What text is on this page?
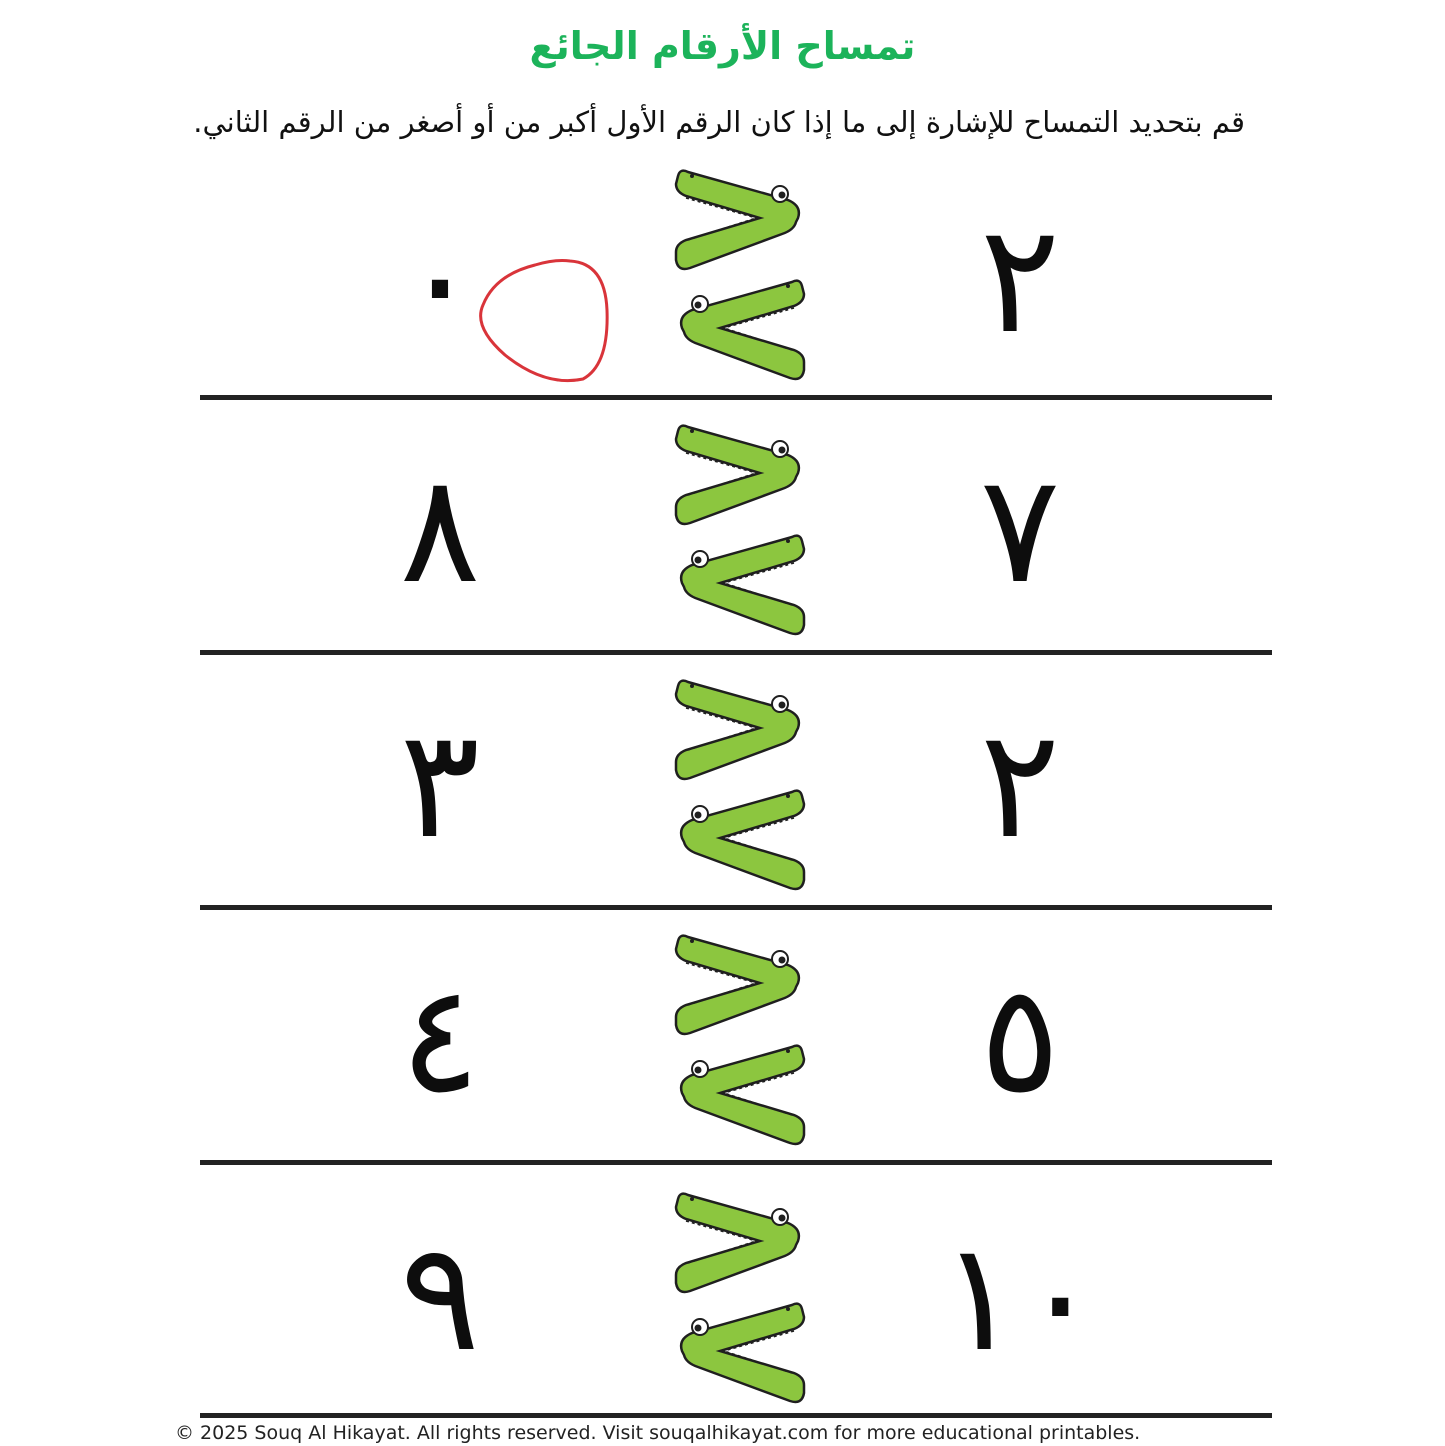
تمساح الأرقام الجائع
قم بتحديد التمساح للإشارة إلى ما إذا كان الرقم الأول أكبر من أو أصغر من الرقم الثاني.
٢
٠
٧
٨
٢
٣
٥
٤
١٠
٩
© 2025 Souq Al Hikayat. All rights reserved. Visit souqalhikayat.com for more educational printables.
